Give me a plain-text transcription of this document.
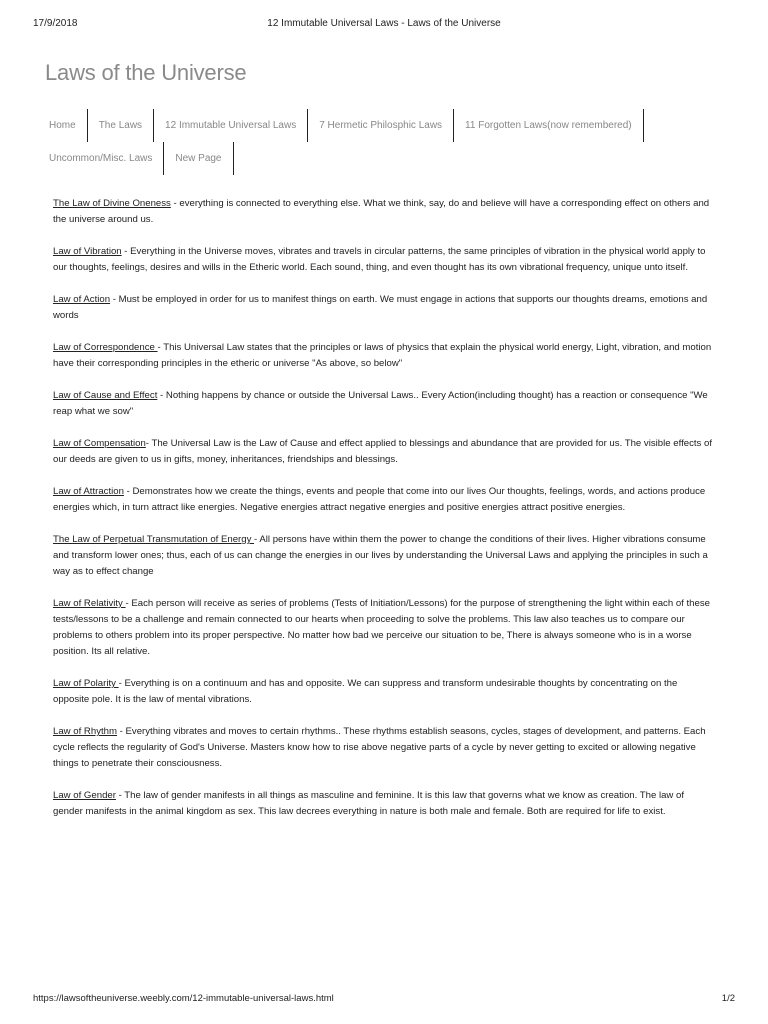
17/9/2018	12 Immutable Universal Laws - Laws of the Universe
Laws of the Universe
Home	The Laws	12 Immutable Universal Laws	7 Hermetic Philosphic Laws	11 Forgotten Laws(now remembered)
Uncommon/Misc. Laws	New Page

The Law of Divine Oneness - everything is connected to everything else. What we think, say, do and believe will have a corresponding effect on others and the universe around us.

Law of Vibration - Everything in the Universe moves, vibrates and travels in circular patterns, the same principles of vibration in the physical world apply to our thoughts, feelings, desires and wills in the Etheric world. Each sound, thing, and even thought has its own vibrational frequency, unique unto itself.

Law of Action - Must be employed in order for us to manifest things on earth. We must engage in actions that supports our thoughts dreams, emotions and words

Law of Correspondence - This Universal Law states that the principles or laws of physics that explain the physical world energy, Light, vibration, and motion have their corresponding principles in the etheric or universe "As above, so below"

Law of Cause and Effect - Nothing happens by chance or outside the Universal Laws.. Every Action(including thought) has a reaction or consequence "We reap what we sow"

Law of Compensation- The Universal Law is the Law of Cause and effect applied to blessings and abundance that are provided for us. The visible effects of our deeds are given to us in gifts, money, inheritances, friendships and blessings.

Law of Attraction - Demonstrates how we create the things, events and people that come into our lives Our thoughts, feelings, words, and actions produce energies which, in turn attract like energies. Negative energies attract negative energies and positive energies attract positive energies.

The Law of Perpetual Transmutation of Energy - All persons have within them the power to change the conditions of their lives. Higher vibrations consume and transform lower ones; thus, each of us can change the energies in our lives by understanding the Universal Laws and applying the principles in such a way as to effect change

Law of Relativity - Each person will receive as series of problems (Tests of Initiation/Lessons) for the purpose of strengthening the light within each of these tests/lessons to be a challenge and remain connected to our hearts when proceeding to solve the problems. This law also teaches us to compare our problems to others problem into its proper perspective. No matter how bad we perceive our situation to be, There is always someone who is in a worse position. Its all relative.

Law of Polarity - Everything is on a continuum and has and opposite. We can suppress and transform undesirable thoughts by concentrating on the opposite pole. It is the law of mental vibrations.

Law of Rhythm - Everything vibrates and moves to certain rhythms.. These rhythms establish seasons, cycles, stages of development, and patterns. Each cycle reflects the regularity of God's Universe. Masters know how to rise above negative parts of a cycle by never getting to excited or allowing negative things to penetrate their consciousness.

Law of Gender - The law of gender manifests in all things as masculine and feminine. It is this law that governs what we know as creation. The law of gender manifests in the animal kingdom as sex. This law decrees everything in nature is both male and female. Both are required for life to exist.

https://lawsoftheuniverse.weebly.com/12-immutable-universal-laws.html	1/2
